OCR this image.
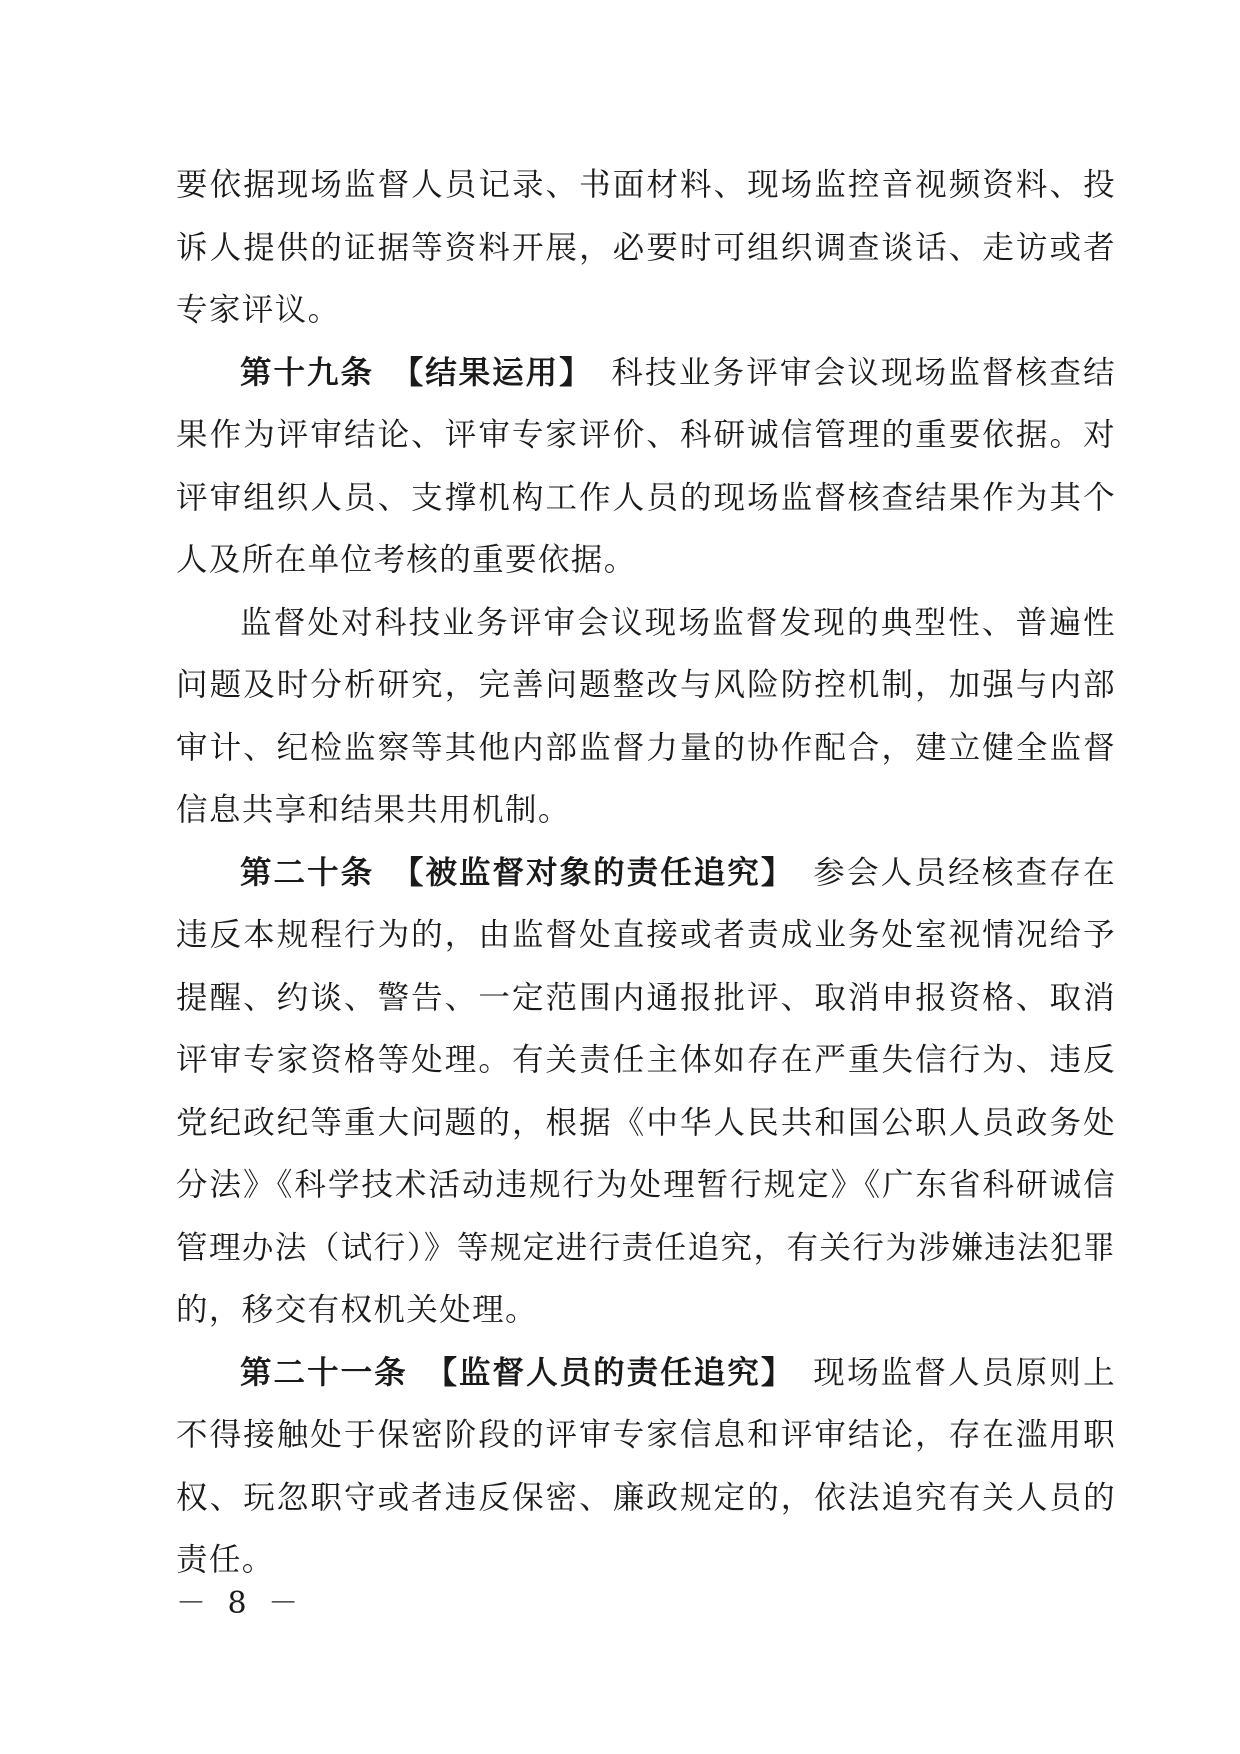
要依据现场监督人员记录、书面材料、现场监控音视频资料、投诉人提供的证据等资料开展，必要时可组织调查谈话、走访或者专家评议。

第十九条　【结果运用】 科技业务评审会议现场监督核查结果作为评审结论、评审专家评价、科研诚信管理的重要依据。对评审组织人员、支撑机构工作人员的现场监督核查结果作为其个人及所在单位考核的重要依据。

监督处对科技业务评审会议现场监督发现的典型性、普遍性问题及时分析研究，完善问题整改与风险防控机制，加强与内部审计、纪检监察等其他内部监督力量的协作配合，建立健全监督信息共享和结果共用机制。

第二十条　【被监督对象的责任追究】 参会人员经核查存在违反本规程行为的，由监督处直接或者责成业务处室视情况给予提醒、约谈、警告、一定范围内通报批评、取消申报资格、取消评审专家资格等处理。有关责任主体如存在严重失信行为、违反党纪政纪等重大问题的，根据《中华人民共和国公职人员政务处分法》《科学技术活动违规行为处理暂行规定》《广东省科研诚信管理办法（试行）》等规定进行责任追究，有关行为涉嫌违法犯罪的，移交有权机关处理。

第二十一条　【监督人员的责任追究】 现场监督人员原则上不得接触处于保密阶段的评审专家信息和评审结论，存在滥用职权、玩忽职守或者违反保密、廉政规定的，依法追究有关人员的责任。

－ 8 －
